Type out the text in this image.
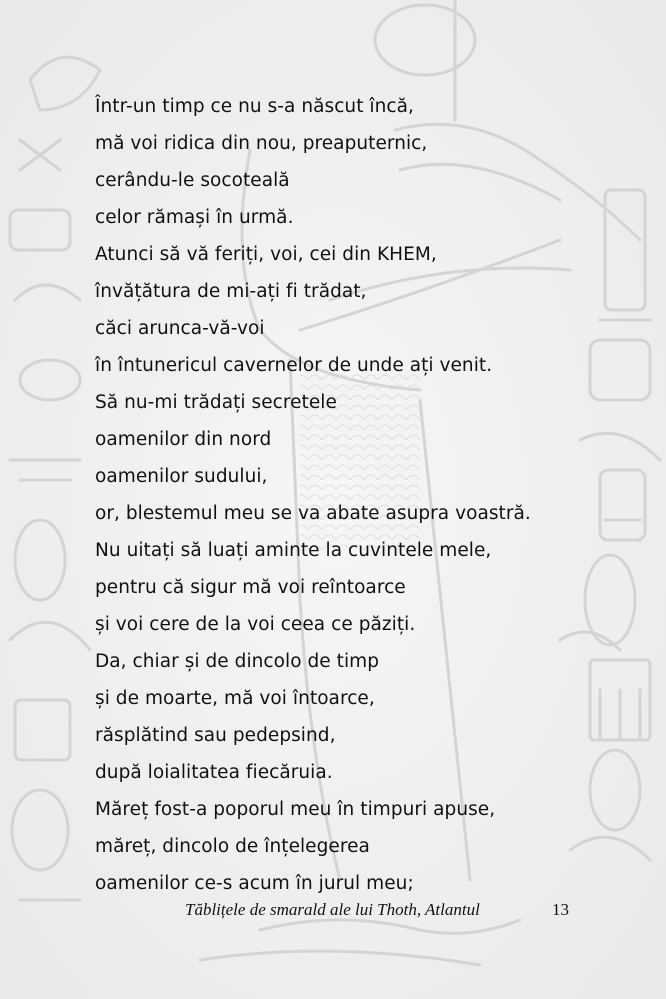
Într-un timp ce nu s-a născut încă,
mă voi ridica din nou, preaputernic,
cerându-le socoteală
celor rămași în urmă.
Atunci să vă feriți, voi, cei din KHEM,
învățătura de mi-ați fi trădat,
căci arunca-vă-voi
în întunericul cavernelor de unde ați venit.
Să nu-mi trădați secretele
oamenilor din nord
oamenilor sudului,
or, blestemul meu se va abate asupra voastră.
Nu uitați să luați aminte la cuvintele mele,
pentru că sigur mă voi reîntoarce
și voi cere de la voi ceea ce păziți.
Da, chiar și de dincolo de timp
și de moarte, mă voi întoarce,
răsplătind sau pedepsind,
după loialitatea fiecăruia.
Măreț fost-a poporul meu în timpuri apuse,
măreț, dincolo de înțelegerea
oamenilor ce-s acum în jurul meu;
Tăblițele de smarald ale lui Thoth, Atlantul	13
